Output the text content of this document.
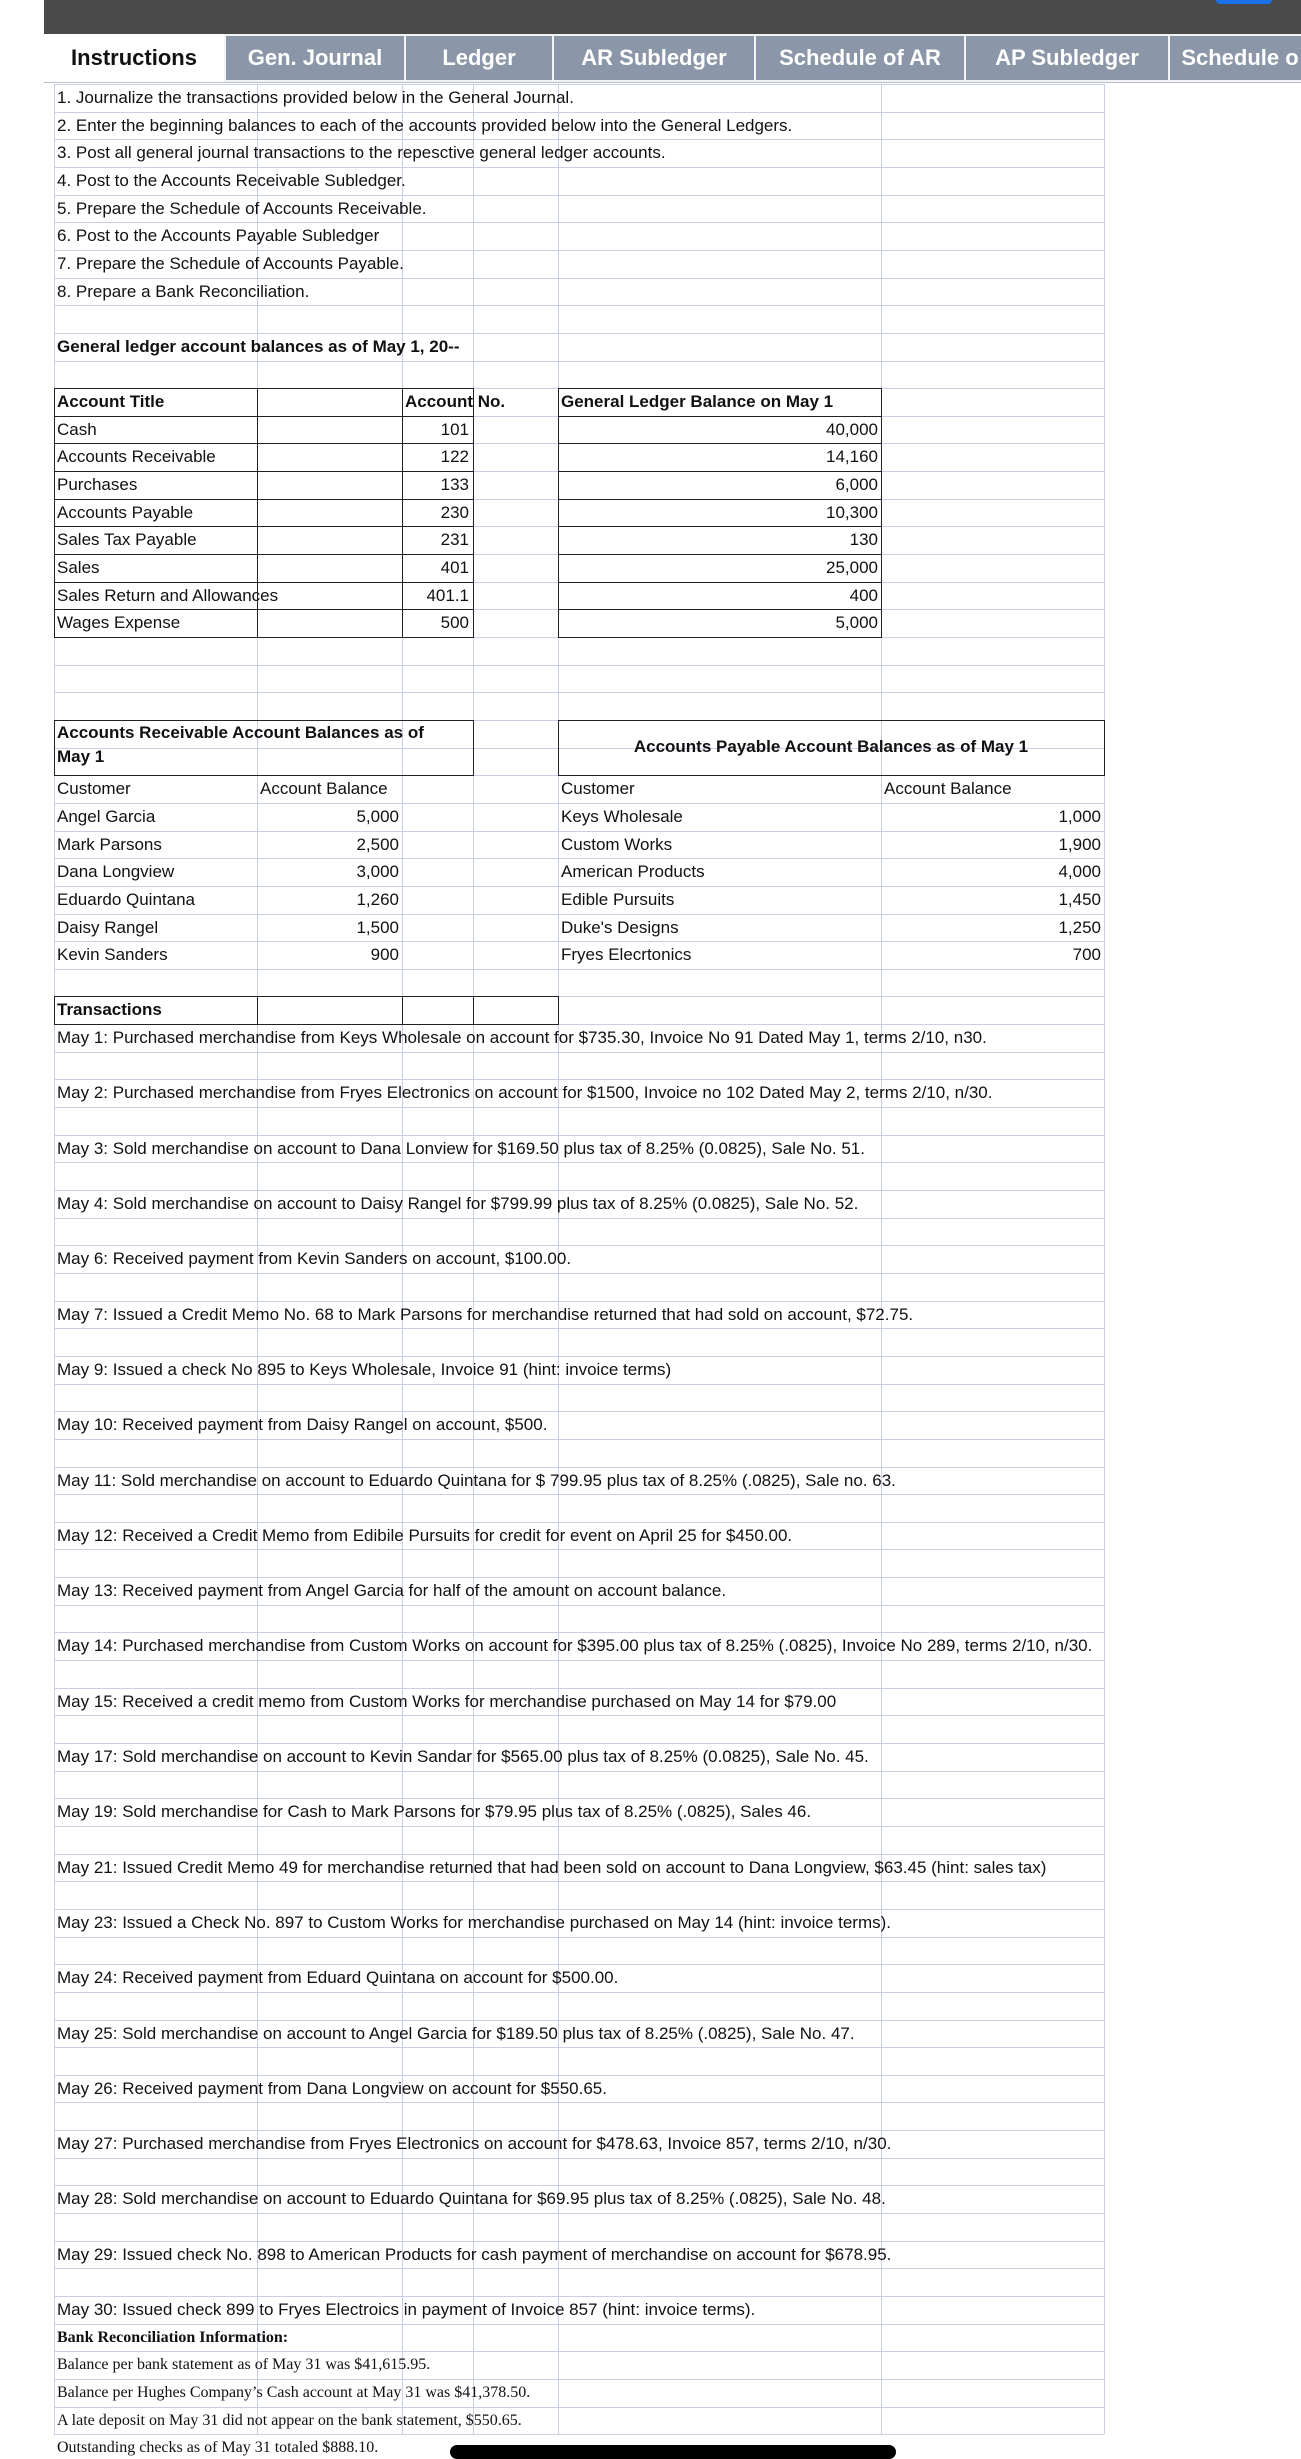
Instructions	Gen. Journal	Ledger	AR Subledger	Schedule of AR	AP Subledger	Schedule o
1. Journalize the transactions provided below in the General Journal.
2. Enter the beginning balances to each of the accounts provided below into the General Ledgers.
3. Post all general journal transactions to the repesctive general ledger accounts.
4. Post to the Accounts Receivable Subledger.
5. Prepare the Schedule of Accounts Receivable.
6. Post to the Accounts Payable Subledger
7. Prepare the Schedule of Accounts Payable.
8. Prepare a Bank Reconciliation.
General ledger account balances as of May 1, 20--
Account Title	Account No.	General Ledger Balance on May 1
Cash	101	40,000
Accounts Receivable	122	14,160
Purchases	133	6,000
Accounts Payable	230	10,300
Sales Tax Payable	231	130
Sales	401	25,000
Sales Return and Allowances	401.1	400
Wages Expense	500	5,000
Accounts Receivable Account Balances as of
May 1
Accounts Payable Account Balances as of May 1
Customer	Account Balance	Customer	Account Balance
Angel Garcia	5,000
Mark Parsons	2,500
Dana Longview	3,000
Eduardo Quintana	1,260
Daisy Rangel	1,500
Kevin Sanders	900
Keys Wholesale	1,000
Custom Works	1,900
American Products	4,000
Edible Pursuits	1,450
Duke's Designs	1,250
Fryes Elecrtonics	700
Transactions
May 1: Purchased merchandise from Keys Wholesale on account for $735.30, Invoice No 91 Dated May 1, terms 2/10, n30.
May 2: Purchased merchandise from Fryes Electronics on account for $1500, Invoice no 102 Dated May 2, terms 2/10, n/30.
May 3: Sold merchandise on account to Dana Lonview for $169.50 plus tax of 8.25% (0.0825), Sale No. 51.
May 4: Sold merchandise on account to Daisy Rangel for $799.99 plus tax of 8.25% (0.0825), Sale No. 52.
May 6: Received payment from Kevin Sanders on account, $100.00.
May 7: Issued a Credit Memo No. 68 to Mark Parsons for merchandise returned that had sold on account, $72.75.
May 9: Issued a check No 895 to Keys Wholesale, Invoice 91 (hint: invoice terms)
May 10: Received payment from Daisy Rangel on account, $500.
May 11: Sold merchandise on account to Eduardo Quintana for $ 799.95 plus tax of 8.25% (.0825), Sale no. 63.
May 12: Received a Credit Memo from Edibile Pursuits for credit for event on April 25 for $450.00.
May 13: Received payment from Angel Garcia for half of the amount on account balance.
May 14: Purchased merchandise from Custom Works on account for $395.00 plus tax of 8.25% (.0825), Invoice No 289, terms 2/10, n/30.
May 15: Received a credit memo from Custom Works for merchandise purchased on May 14 for $79.00
May 17: Sold merchandise on account to Kevin Sandar for $565.00 plus tax of 8.25% (0.0825), Sale No. 45.
May 19: Sold merchandise for Cash to Mark Parsons for $79.95 plus tax of 8.25% (.0825), Sales 46.
May 21: Issued Credit Memo 49 for merchandise returned that had been sold on account to Dana Longview, $63.45 (hint: sales tax)
May 23: Issued a Check No. 897 to Custom Works for merchandise purchased on May 14 (hint: invoice terms).
May 24: Received payment from Eduard Quintana on account for $500.00.
May 25: Sold merchandise on account to Angel Garcia for $189.50 plus tax of 8.25% (.0825), Sale No. 47.
May 26: Received payment from Dana Longview on account for $550.65.
May 27: Purchased merchandise from Fryes Electronics on account for $478.63, Invoice 857, terms 2/10, n/30.
May 28: Sold merchandise on account to Eduardo Quintana for $69.95 plus tax of 8.25% (.0825), Sale No. 48.
May 29: Issued check No. 898 to American Products for cash payment of merchandise on account for $678.95.
May 30: Issued check 899 to Fryes Electroics in payment of Invoice 857 (hint: invoice terms).
Bank Reconciliation Information:
Balance per bank statement as of May 31 was $41,615.95.
Balance per Hughes Company’s Cash account at May 31 was $41,378.50.
A late deposit on May 31 did not appear on the bank statement, $550.65.
Outstanding checks as of May 31 totaled $888.10.
